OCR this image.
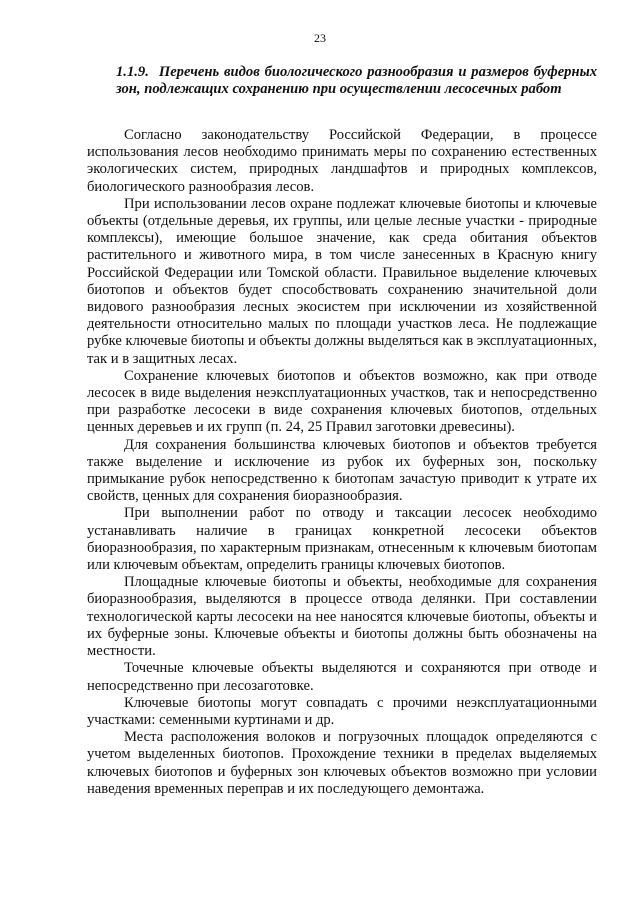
23
1.1.9. Перечень видов биологического разнообразия и размеров буферных зон, подлежащих сохранению при осуществлении лесосечных работ

Согласно законодательству Российской Федерации, в процессе использования лесов необходимо принимать меры по сохранению естественных экологических систем, природных ландшафтов и природных комплексов, биологического разнообразия лесов.

При использовании лесов охране подлежат ключевые биотопы и ключевые объекты (отдельные деревья, их группы, или целые лесные участки - природные комплексы), имеющие большое значение, как среда обитания объектов растительного и животного мира, в том числе занесенных в Красную книгу Российской Федерации или Томской области. Правильное выделение ключевых биотопов и объектов будет способствовать сохранению значительной доли видового разнообразия лесных экосистем при исключении из хозяйственной деятельности относительно малых по площади участков леса. Не подлежащие рубке ключевые биотопы и объекты должны выделяться как в эксплуатационных, так и в защитных лесах.

Сохранение ключевых биотопов и объектов возможно, как при отводе лесосек в виде выделения неэксплуатационных участков, так и непосредственно при разработке лесосеки в виде сохранения ключевых биотопов, отдельных ценных деревьев и их групп (п. 24, 25 Правил заготовки древесины).

Для сохранения большинства ключевых биотопов и объектов требуется также выделение и исключение из рубок их буферных зон, поскольку примыкание рубок непосредственно к биотопам зачастую приводит к утрате их свойств, ценных для сохранения биоразнообразия.

При выполнении работ по отводу и таксации лесосек необходимо устанавливать наличие в границах конкретной лесосеки объектов биоразнообразия, по характерным признакам, отнесенным к ключевым биотопам или ключевым объектам, определить границы ключевых биотопов.

Площадные ключевые биотопы и объекты, необходимые для сохранения биоразнообразия, выделяются в процессе отвода делянки. При составлении технологической карты лесосеки на нее наносятся ключевые биотопы, объекты и их буферные зоны. Ключевые объекты и биотопы должны быть обозначены на местности.

Точечные ключевые объекты выделяются и сохраняются при отводе и непосредственно при лесозаготовке.

Ключевые биотопы могут совпадать с прочими неэксплуатационными участками: семенными куртинами и др.

Места расположения волоков и погрузочных площадок определяются с учетом выделенных биотопов. Прохождение техники в пределах выделяемых ключевых биотопов и буферных зон ключевых объектов возможно при условии наведения временных переправ и их последующего демонтажа.
